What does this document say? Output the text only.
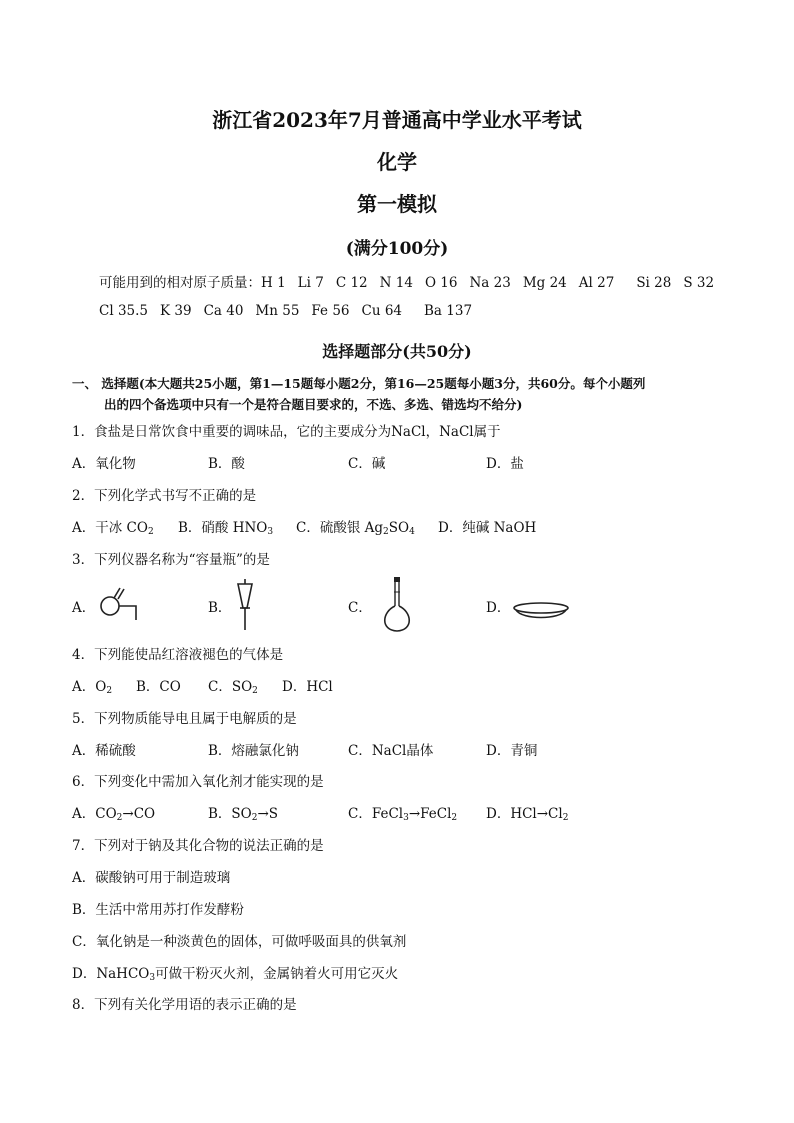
浙江省2023年7月普通高中学业水平考试
化学
第一模拟
(满分100分)
可能用到的相对原子质量：H 1 Li 7 C 12 N 14 O 16 Na 23 Mg 24 Al 27 Si 28 S 32
Cl 35.5 K 39 Ca 40 Mn 55 Fe 56 Cu 64 Ba 137
选择题部分(共50分)
一、 选择题(本大题共25小题，第1—15题每小题2分，第16—25题每小题3分，共60分。每个小题列
出的四个备选项中只有一个是符合题目要求的，不选、多选、错选均不给分)
1．食盐是日常饮食中重要的调味品，它的主要成分为NaCl，NaCl属于
A．氧化物	B．酸	C．碱	D．盐
2．下列化学式书写不正确的是
A．干冰 $CO_2$ B．硝酸 $HNO_3$ C．硫酸银 $Ag_2SO_4$ D．纯碱 NaOH
3．下列仪器名称为“容量瓶”的是
A．	B．	C．	D．
4．下列能使品红溶液褪色的气体是
A．$O_2$ B．CO C．$SO_2$ D．HCl
5．下列物质能导电且属于电解质的是
A．稀硫酸	B．熔融氯化钠	C．NaCl晶体	D．青铜
6．下列变化中需加入氧化剂才能实现的是
A．$CO_2\to CO$	B．$SO_2\to S$	C．FeCl$_3$→FeCl$_2$ D．$HCl\to Cl_2$
7．下列对于钠及其化合物的说法正确的是
A．碳酸钠可用于制造玻璃
B．生活中常用苏打作发酵粉
C．氧化钠是一种淡黄色的固体，可做呼吸面具的供氧剂
D．NaHCO$_3$可做干粉灭火剂，金属钠着火可用它灭火
8．下列有关化学用语的表示正确的是
